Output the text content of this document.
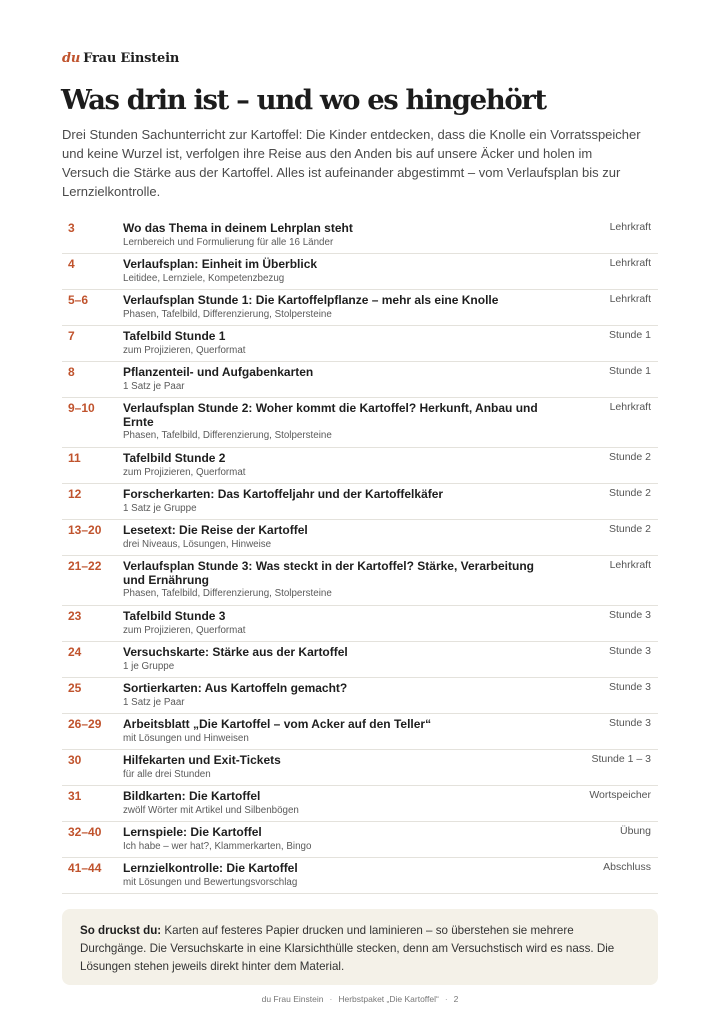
du Frau Einstein
Was drin ist – und wo es hingehört

Drei Stunden Sachunterricht zur Kartoffel: Die Kinder entdecken, dass die Knolle ein Vorratsspeicher und keine Wurzel ist, verfolgen ihre Reise aus den Anden bis auf unsere Äcker und holen im Versuch die Stärke aus der Kartoffel. Alles ist aufeinander abgestimmt – vom Verlaufsplan bis zur Lernzielkontrolle.

3	Wo das Thema in deinem Lehrplan steht
Lernbereich und Formulierung für alle 16 Länder
Lehrkraft
4	Verlaufsplan: Einheit im Überblick
Leitidee, Lernziele, Kompetenzbezug
Lehrkraft
5–6	Verlaufsplan Stunde 1: Die Kartoffelpflanze – mehr als eine Knolle
Phasen, Tafelbild, Differenzierung, Stolpersteine
Lehrkraft
7	Tafelbild Stunde 1
zum Projizieren, Querformat
Stunde 1
8	Pflanzenteil- und Aufgabenkarten
1 Satz je Paar
Stunde 1
9–10 Verlaufsplan Stunde 2: Woher kommt die Kartoffel? Herkunft, Anbau und Ernte
Phasen, Tafelbild, Differenzierung, Stolpersteine
Lehrkraft
11	Tafelbild Stunde 2
zum Projizieren, Querformat
Stunde 2
12	Forscherkarten: Das Kartoffeljahr und der Kartoffelkäfer
1 Satz je Gruppe
Stunde 2
13–20 Lesetext: Die Reise der Kartoffel
drei Niveaus, Lösungen, Hinweise
Stunde 2
21–22 Verlaufsplan Stunde 3: Was steckt in der Kartoffel? Stärke, Verarbeitung und Ernährung
Phasen, Tafelbild, Differenzierung, Stolpersteine
Lehrkraft
23	Tafelbild Stunde 3
zum Projizieren, Querformat
Stunde 3
24	Versuchskarte: Stärke aus der Kartoffel
1 je Gruppe
Stunde 3
25	Sortierkarten: Aus Kartoffeln gemacht?
1 Satz je Paar
Stunde 3
26–29 Arbeitsblatt „Die Kartoffel – vom Acker auf den Teller“
mit Lösungen und Hinweisen
Stunde 3
30	Hilfekarten und Exit-Tickets
für alle drei Stunden
Stunde 1 – 3
31	Bildkarten: Die Kartoffel
zwölf Wörter mit Artikel und Silbenbögen
Wortspeicher
32–40 Lernspiele: Die Kartoffel
Ich habe – wer hat?, Klammerkarten, Bingo
Übung
41–44 Lernzielkontrolle: Die Kartoffel
mit Lösungen und Bewertungsvorschlag
Abschluss
So druckst du: Karten auf festeres Papier drucken und laminieren – so überstehen sie mehrere Durchgänge. Die Versuchskarte in eine Klarsichthülle stecken, denn am Versuchstisch wird es nass. Die Lösungen stehen jeweils direkt hinter dem Material.
du Frau Einstein · Herbstpaket „Die Kartoffel“ · 2
